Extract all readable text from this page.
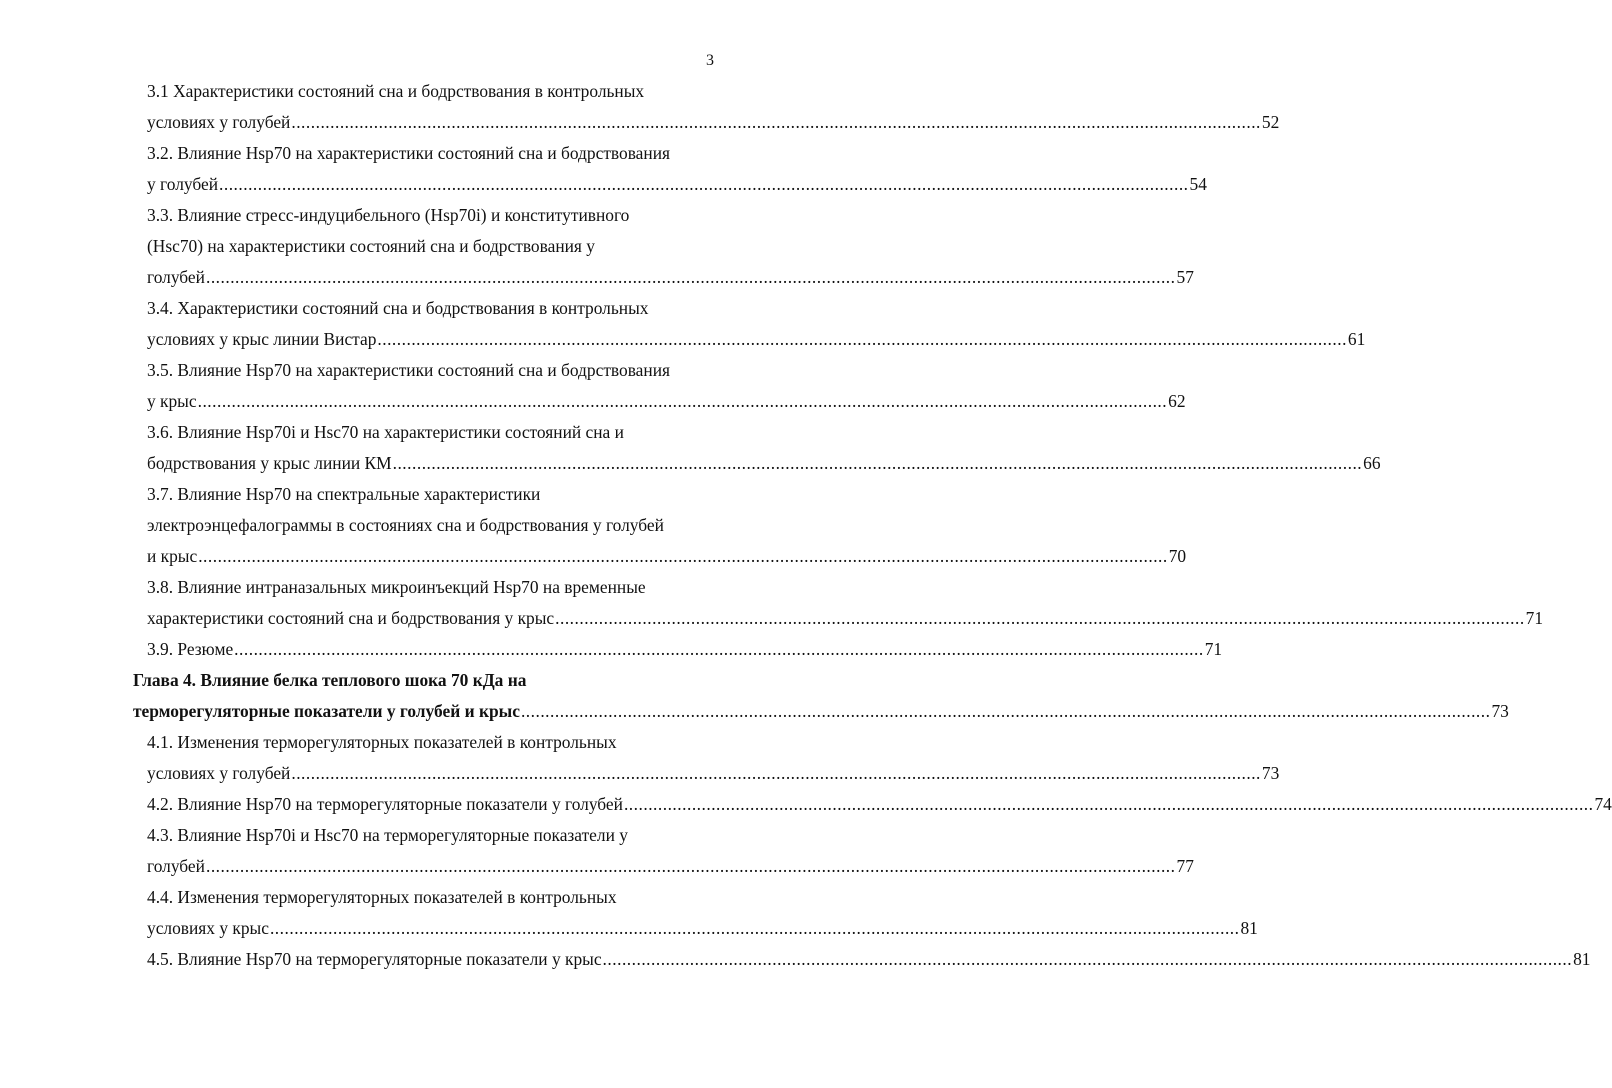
3
3.1 Характеристики состояний сна и бодрствования в контрольных
условиях у голубей ........................................................................................................................................................................................................ 52
3.2. Влияние Hsp70 на характеристики состояний сна и бодрствования
у голубей ........................................................................................................................................................................................................ 54
3.3. Влияние стресс-индуцибельного (Hsp70i) и конститутивного
(Hsc70) на характеристики состояний сна и бодрствования у
голубей ........................................................................................................................................................................................................ 57
3.4. Характеристики состояний сна и бодрствования в контрольных
условиях у крыс линии Вистар ........................................................................................................................................................................................................ 61
3.5. Влияние Hsp70 на характеристики состояний сна и бодрствования
у крыс ........................................................................................................................................................................................................ 62
3.6. Влияние Hsp70i и Hsc70 на характеристики состояний сна и
бодрствования у крыс линии КМ ........................................................................................................................................................................................................ 66
3.7. Влияние Hsp70 на спектральные характеристики
электроэнцефалограммы в состояниях сна и бодрствования у голубей
и крыс ........................................................................................................................................................................................................ 70
3.8. Влияние интраназальных микроинъекций Hsp70 на временные
характеристики состояний сна и бодрствования у крыс ........................................................................................................................................................................................................ 71
3.9. Резюме ........................................................................................................................................................................................................ 71
Глава 4. Влияние белка теплового шока 70 кДа на
терморегуляторные показатели у голубей и крыс ........................................................................................................................................................................................................ 73
4.1. Изменения терморегуляторных показателей в контрольных
условиях у голубей ........................................................................................................................................................................................................ 73
4.2. Влияние Hsp70 на терморегуляторные показатели у голубей ........................................................................................................................................................................................................ 74
4.3. Влияние Hsp70i и Hsc70 на терморегуляторные показатели у
голубей ........................................................................................................................................................................................................ 77
4.4. Изменения терморегуляторных показателей в контрольных
условиях у крыс ........................................................................................................................................................................................................ 81
4.5. Влияние Hsp70 на терморегуляторные показатели у крыс ........................................................................................................................................................................................................ 81
